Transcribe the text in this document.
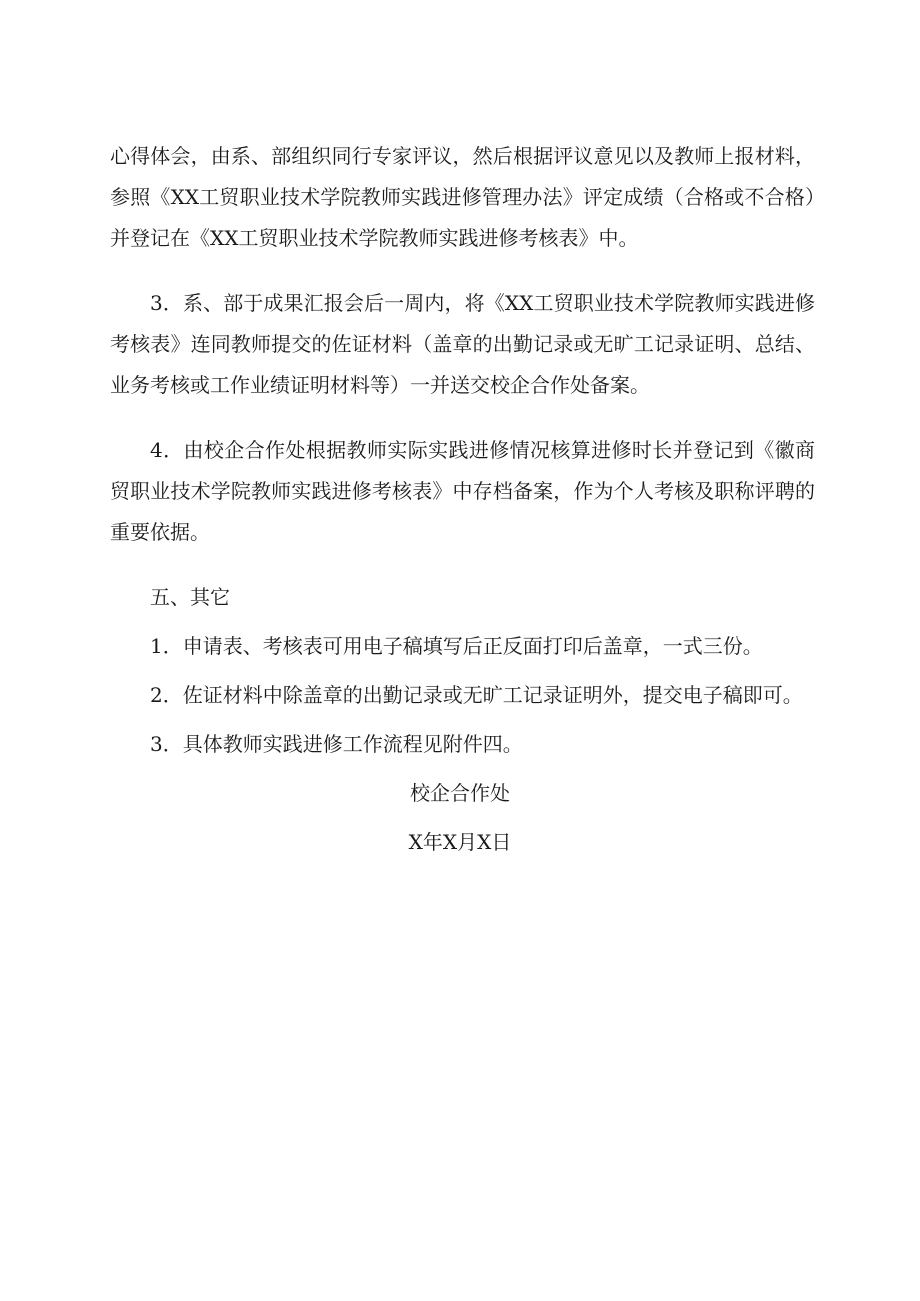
心得体会，由系、部组织同行专家评议，然后根据评议意见以及教师上报材料，参照《XX工贸职业技术学院教师实践进修管理办法》评定成绩（合格或不合格）并登记在《XX工贸职业技术学院教师实践进修考核表》中。

3．系、部于成果汇报会后一周内，将《XX工贸职业技术学院教师实践进修考核表》连同教师提交的佐证材料（盖章的出勤记录或无旷工记录证明、总结、业务考核或工作业绩证明材料等）一并送交校企合作处备案。

4．由校企合作处根据教师实际实践进修情况核算进修时长并登记到《徽商贸职业技术学院教师实践进修考核表》中存档备案，作为个人考核及职称评聘的重要依据。

五、其它

1．申请表、考核表可用电子稿填写后正反面打印后盖章，一式三份。

2．佐证材料中除盖章的出勤记录或无旷工记录证明外，提交电子稿即可。

3．具体教师实践进修工作流程见附件四。

校企合作处

X年X月X日
